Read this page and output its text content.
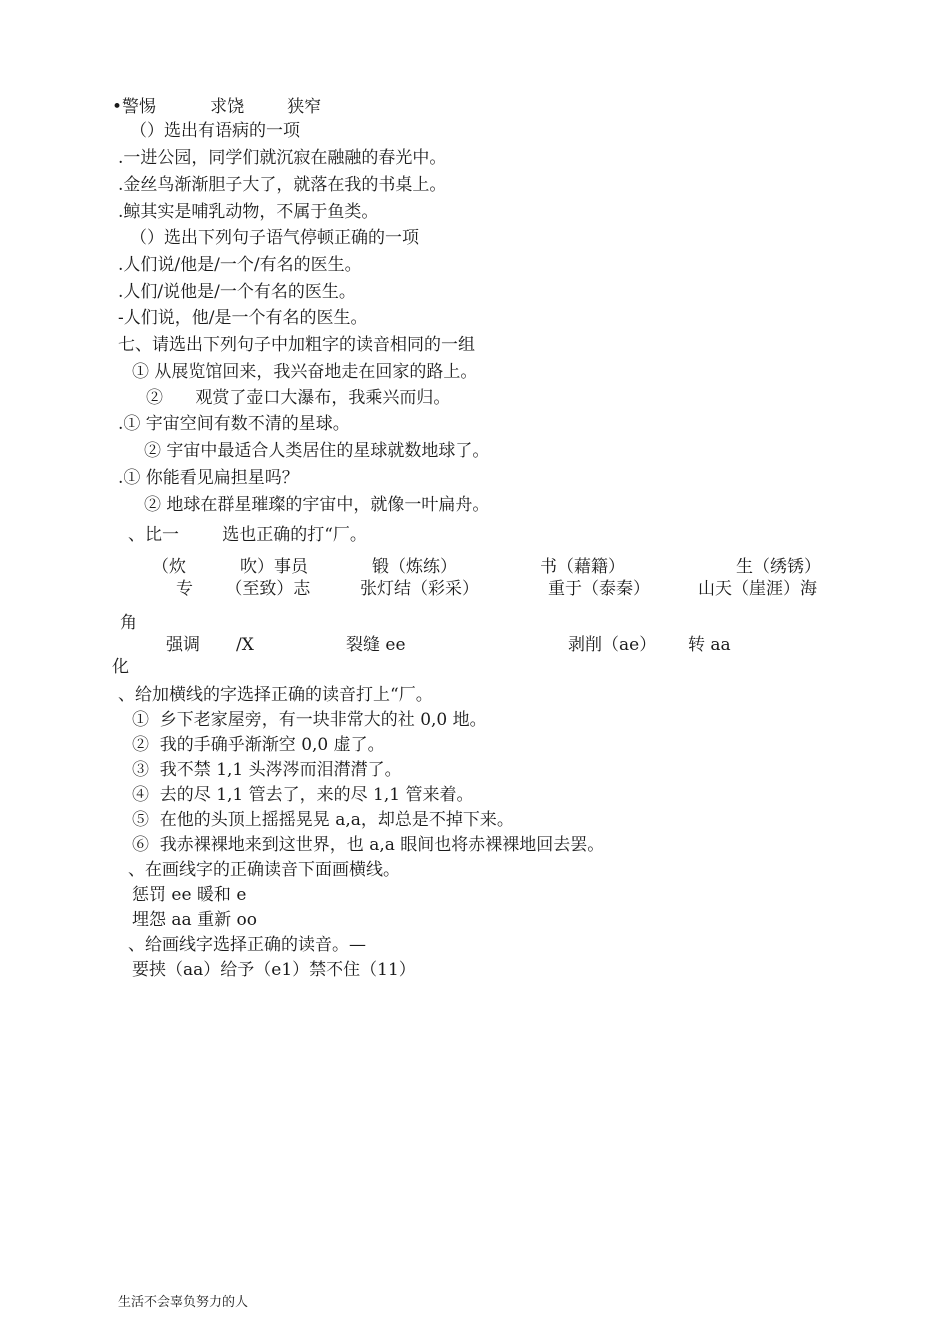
•警惕          求饶        狭窄
（）选出有语病的一项
.一进公园，同学们就沉寂在融融的春光中。
.金丝鸟渐渐胆子大了，就落在我的书桌上。
.鲸其实是哺乳动物，不属于鱼类。
（）选出下列句子语气停顿正确的一项
.人们说/他是/一个/有名的医生。
.人们/说他是/一个有名的医生。
-人们说，他/是一个有名的医生。
七、请选出下列句子中加粗字的读音相同的一组
① 从展览馆回来，我兴奋地走在回家的路上。
②      观赏了壶口大瀑布，我乘兴而归。
.① 宇宙空间有数不清的星球。
② 宇宙中最适合人类居住的星球就数地球了。
.① 你能看见扁担星吗？
② 地球在群星璀璨的宇宙中，就像一叶扁舟。
、比一        选也正确的打“厂。
（炊          吹）事员	锻（炼练）	书（藉籍）	生（绣锈）
专      （至致）志	张灯结（彩采）	重于（泰秦）	山天（崖涯）海
角
强调 /X	裂缝 ee	剥削（ae） 转 aa
化
、给加横线的字选择正确的读音打上“厂。
①  乡下老家屋旁，有一块非常大的社 0,0 地。
②  我的手确乎渐渐空 0,0 虚了。
③  我不禁 1,1 头涔涔而泪潸潸了。
④  去的尽 1,1 管去了，来的尽 1,1 管来着。
⑤  在他的头顶上摇摇晃晃 a,a，却总是不掉下来。
⑥  我赤裸裸地来到这世界，也 a,a 眼间也将赤裸裸地回去罢。
、在画线字的正确读音下面画横线。
惩罚 ee 暖和 e
埋怨 aa 重新 oo
、给画线字选择正确的读音。—
要挟（aa）给予（e1）禁不住（11）
生活不会辜负努力的人
